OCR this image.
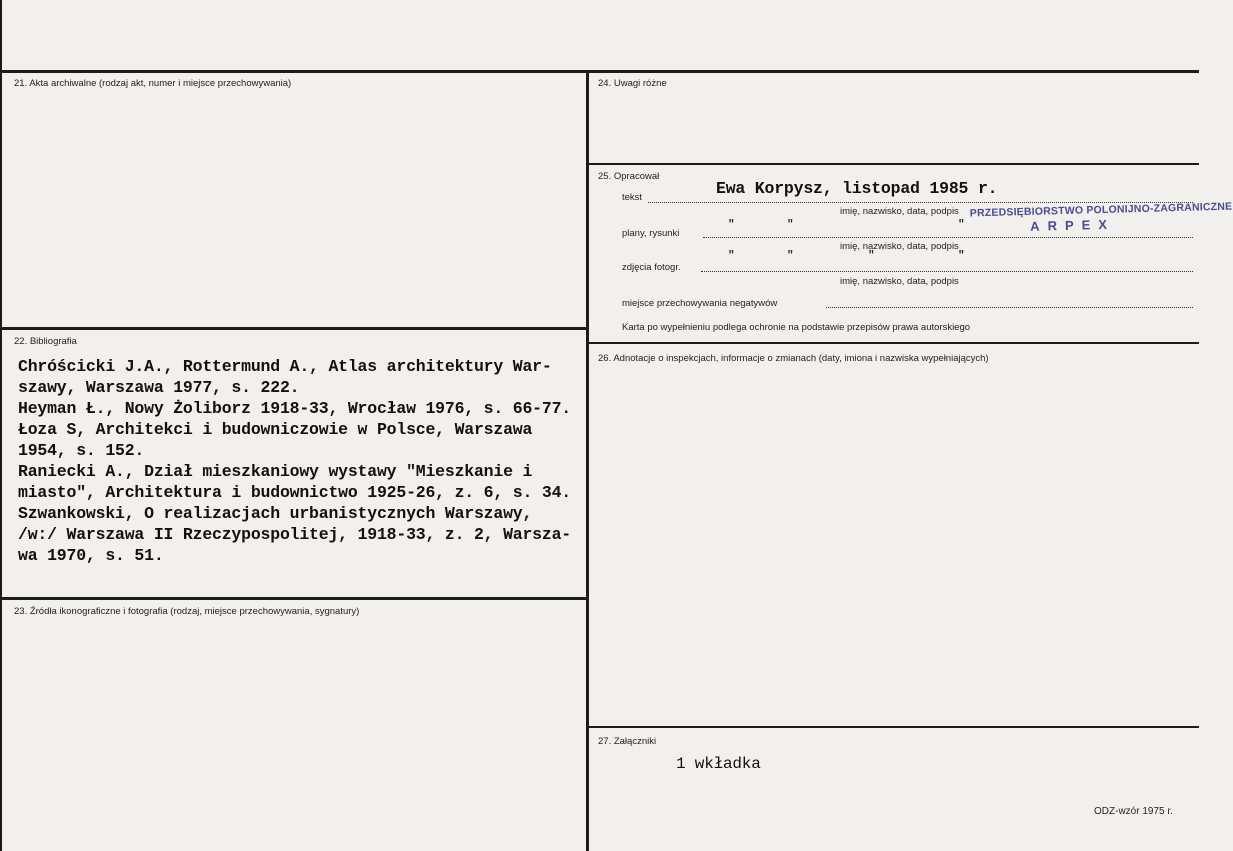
21. Akta archiwalne (rodzaj akt, numer i miejsce przechowywania)
22. Bibliografia

Chróścicki J.A., Rottermund A., Atlas architektury War-

szawy, Warszawa 1977, s. 222.

Heyman Ł., Nowy Żoliborz 1918-33, Wrocław 1976, s. 66-77.

Łoza S, Architekci i budowniczowie w Polsce, Warszawa

1954, s. 152.

Raniecki A., Dział mieszkaniowy wystawy "Mieszkanie i

miasto", Architektura i budownictwo 1925-26, z. 6, s. 34.

Szwankowski, O realizacjach urbanistycznych Warszawy,

/w:/ Warszawa II Rzeczypospolitej, 1918-33, z. 2, Warsza-

wa 1970, s. 51.

23. Źródła ikonograficzne i fotografia (rodzaj, miejsce przechowywania, sygnatury)
24. Uwagi różne
25. Opracował
tekst	Ewa Korpysz, listopad 1985 r.
imię, nazwisko, data, podpis
plany, rysunki
"	"	"
imię, nazwisko, data, podpis
zdjęcia fotogr.
"	"	"	"
imię, nazwisko, data, podpis
miejsce przechowywania negatywów
Karta po wypełnieniu podlega ochronie na podstawie przepisów prawa autorskiego
PRZEDSIĘBIORSTWO POLONIJNO-ZAGRANICZNE
ARPEX
26. Adnotacje o inspekcjach, informacje o zmianach (daty, imiona i nazwiska wypełniających)
27. Załączniki
1 wkładka
ODZ-wzór 1975 r.
